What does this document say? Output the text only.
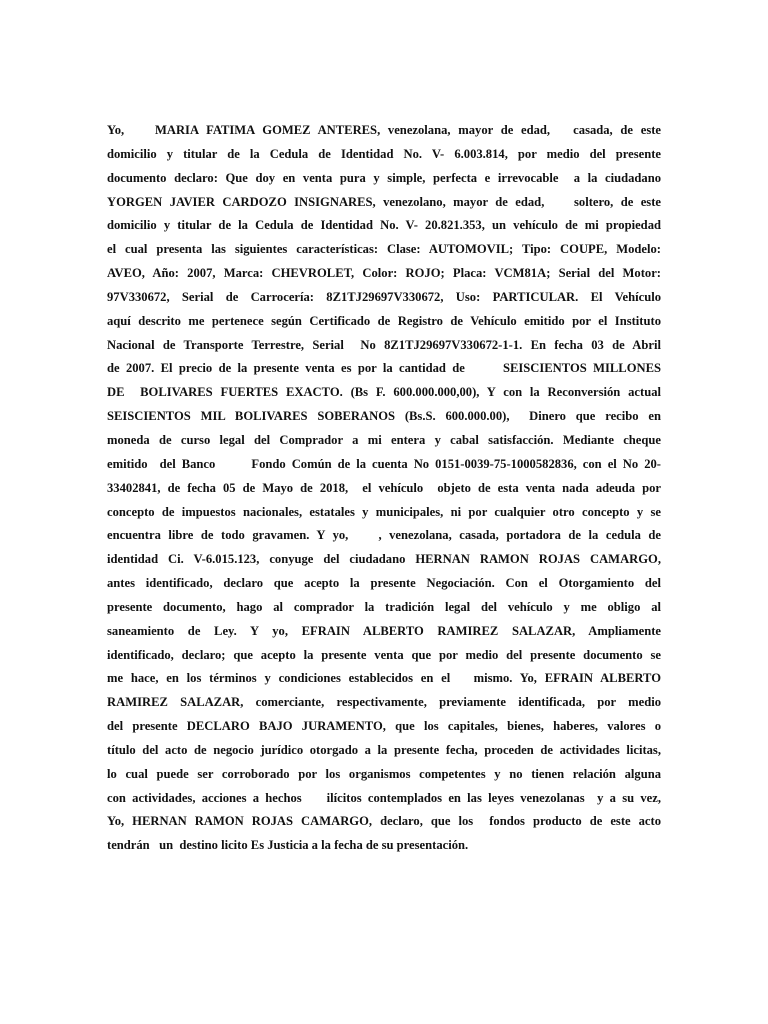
Yo,    MARIA FATIMA GOMEZ ANTERES, venezolana, mayor de edad,   casada, de este
domicilio y titular de la Cedula de Identidad No. V- 6.003.814, por medio del presente
documento declaro: Que doy en venta pura y simple, perfecta e irrevocable  a la ciudadano
YORGEN JAVIER CARDOZO INSIGNARES, venezolano, mayor de edad,    soltero, de este
domicilio y titular de la Cedula de Identidad No. V- 20.821.353, un vehículo de mi propiedad
el cual presenta las siguientes características: Clase: AUTOMOVIL; Tipo: COUPE, Modelo:
AVEO, Año: 2007, Marca: CHEVROLET, Color: ROJO; Placa: VCM81A; Serial del Motor:
97V330672, Serial de Carrocería: 8Z1TJ29697V330672, Uso: PARTICULAR. El Vehículo
aquí descrito me pertenece según Certificado de Registro de Vehículo emitido por el Instituto
Nacional de Transporte Terrestre, Serial  No 8Z1TJ29697V330672-1-1. En fecha 03 de Abril
de 2007. El precio de la presente venta es por la cantidad de      SEISCIENTOS MILLONES
DE  BOLIVARES FUERTES EXACTO. (Bs F. 600.000.000,00), Y con la Reconversión actual
SEISCIENTOS MIL BOLIVARES SOBERANOS (Bs.S. 600.000.00),  Dinero que recibo en
moneda de curso legal del Comprador a mi entera y cabal satisfacción. Mediante cheque
emitido  del Banco      Fondo Común de la cuenta No 0151-0039-75-1000582836, con el No 20-
33402841, de fecha 05 de Mayo de 2018,  el vehículo  objeto de esta venta nada adeuda por
concepto de impuestos nacionales, estatales y municipales, ni por cualquier otro concepto y se
encuentra libre de todo gravamen. Y yo,    , venezolana, casada, portadora de la cedula de
identidad Ci. V-6.015.123, conyuge del ciudadano HERNAN RAMON ROJAS CAMARGO,
antes identificado, declaro que acepto la presente Negociación. Con el Otorgamiento del
presente documento, hago al comprador la tradición legal del vehículo y me obligo al
saneamiento de Ley. Y yo, EFRAIN ALBERTO RAMIREZ SALAZAR, Ampliamente
identificado, declaro; que acepto la presente venta que por medio del presente documento se
me hace, en los términos y condiciones establecidos en el   mismo. Yo, EFRAIN ALBERTO
RAMIREZ SALAZAR, comerciante, respectivamente, previamente identificada, por medio
del presente DECLARO BAJO JURAMENTO, que los capitales, bienes, haberes, valores o
título del acto de negocio jurídico otorgado a la presente fecha, proceden de actividades licitas,
lo cual puede ser corroborado por los organismos competentes y no tienen relación alguna
con actividades, acciones a hechos    ilícitos contemplados en las leyes venezolanas  y a su vez,
Yo, HERNAN RAMON ROJAS CAMARGO, declaro, que los  fondos producto de este acto
tendrán   un  destino licito Es Justicia a la fecha de su presentación.
